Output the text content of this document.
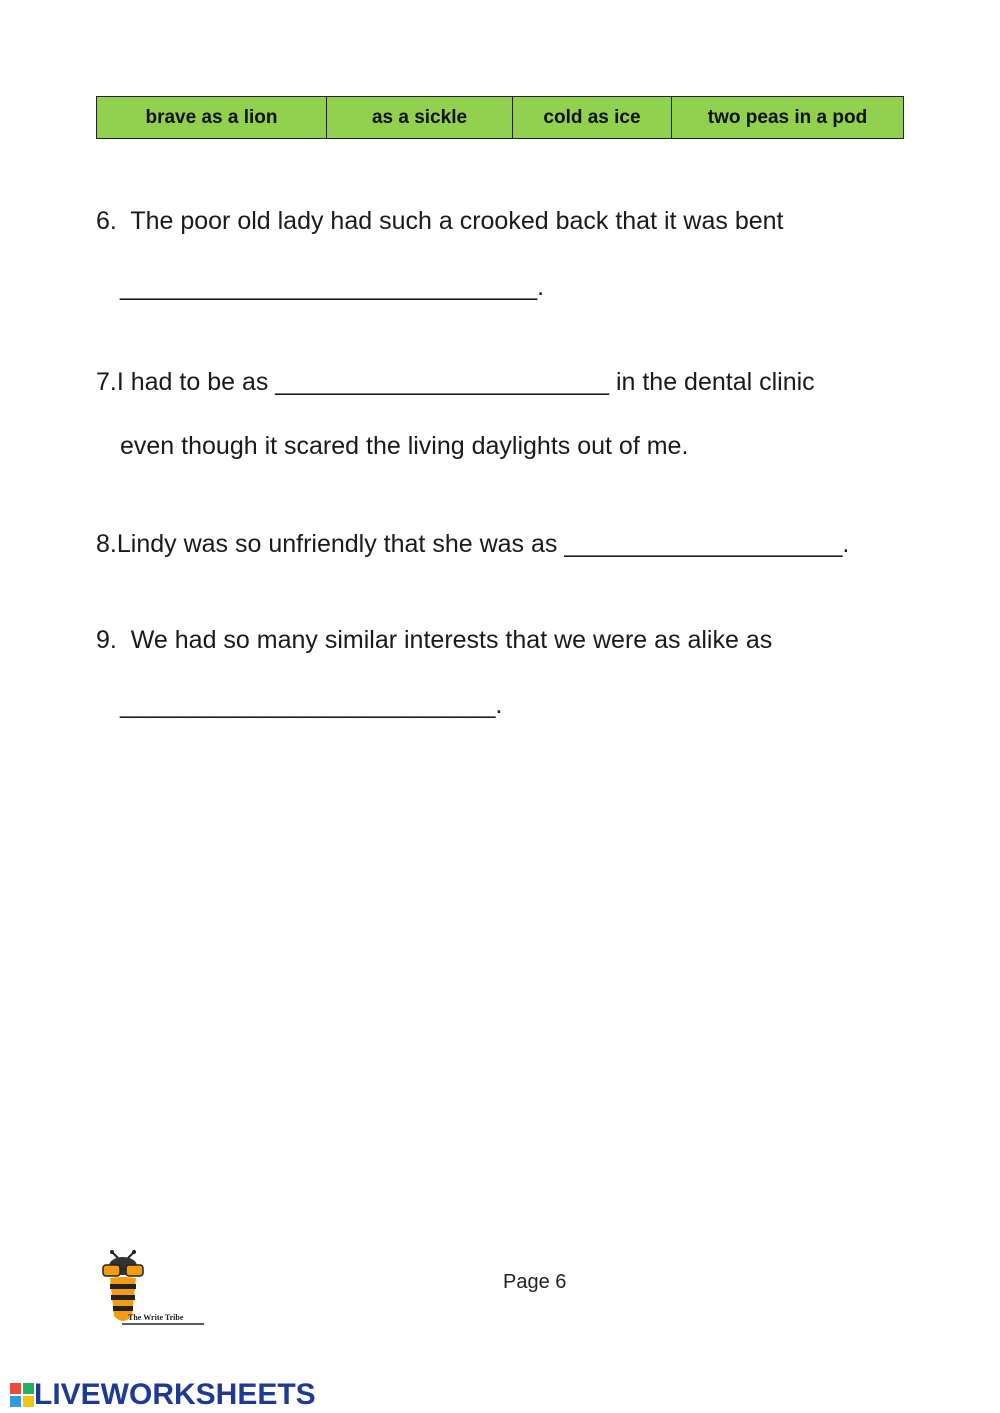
brave as a lion	as a sickle	cold as ice	two peas in a pod
6. The poor old lady had such a crooked back that it was bent
______________________________.
7.I had to be as ________________________ in the dental clinic
even though it scared the living daylights out of me.
8.Lindy was so unfriendly that she was as ____________________.
9. We had so many similar interests that we were as alike as
___________________________.
The Write Tribe
Page 6
LIVEWORKSHEETS
